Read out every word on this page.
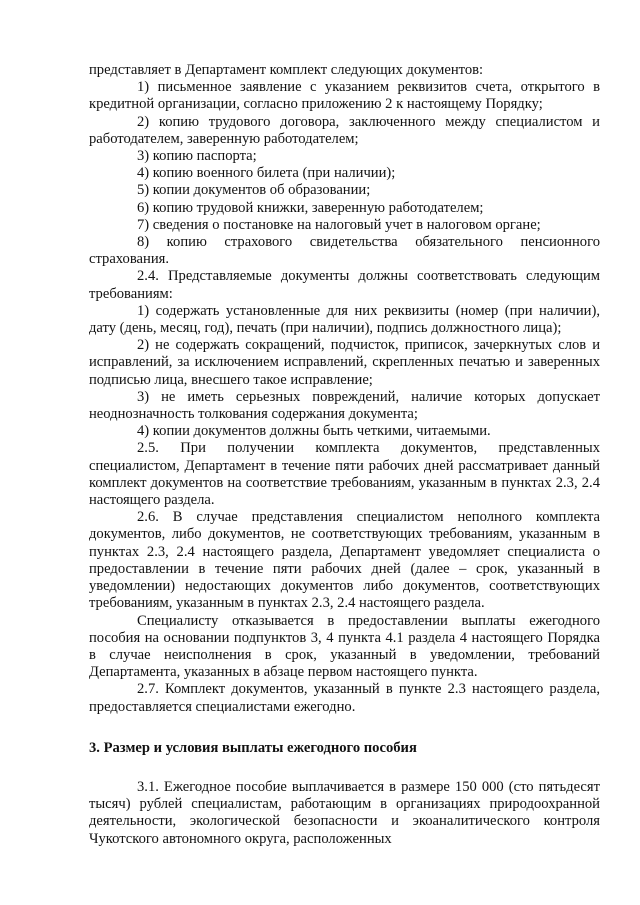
представляет в Департамент комплект следующих документов:

1) письменное заявление с указанием реквизитов счета, открытого в кредитной организации, согласно приложению 2 к настоящему Порядку;

2) копию трудового договора, заключенного между специалистом и работодателем, заверенную работодателем;

3) копию паспорта;

4) копию военного билета (при наличии);

5) копии документов об образовании;

6) копию трудовой книжки, заверенную работодателем;

7) сведения о постановке на налоговый учет в налоговом органе;

8) копию страхового свидетельства обязательного пенсионного страхования.

2.4. Представляемые документы должны соответствовать следующим требованиям:

1) содержать установленные для них реквизиты (номер (при наличии), дату (день, месяц, год), печать (при наличии), подпись должностного лица);

2) не содержать сокращений, подчисток, приписок, зачеркнутых слов и исправлений, за исключением исправлений, скрепленных печатью и заверенных подписью лица, внесшего такое исправление;

3) не иметь серьезных повреждений, наличие которых допускает неоднозначность толкования содержания документа;

4) копии документов должны быть четкими, читаемыми.

2.5. При получении комплекта документов, представленных специалистом, Департамент в течение пяти рабочих дней рассматривает данный комплект документов на соответствие требованиям, указанным в пунктах 2.3, 2.4 настоящего раздела.

2.6. В случае представления специалистом неполного комплекта документов, либо документов, не соответствующих требованиям, указанным в пунктах 2.3, 2.4 настоящего раздела, Департамент уведомляет специалиста о предоставлении в течение пяти рабочих дней (далее – срок, указанный в уведомлении) недостающих документов либо документов, соответствующих требованиям, указанным в пунктах 2.3, 2.4 настоящего раздела.

Специалисту отказывается в предоставлении выплаты ежегодного пособия на основании подпунктов 3, 4 пункта 4.1 раздела 4 настоящего Порядка в случае неисполнения в срок, указанный в уведомлении, требований Департамента, указанных в абзаце первом настоящего пункта.

2.7. Комплект документов, указанный в пункте 2.3 настоящего раздела, предоставляется специалистами ежегодно.

3. Размер и условия выплаты ежегодного пособия

3.1. Ежегодное пособие выплачивается в размере 150 000 (сто пятьдесят тысяч) рублей специалистам, работающим в организациях природоохранной деятельности, экологической безопасности и экоаналитического контроля Чукотского автономного округа, расположенных
